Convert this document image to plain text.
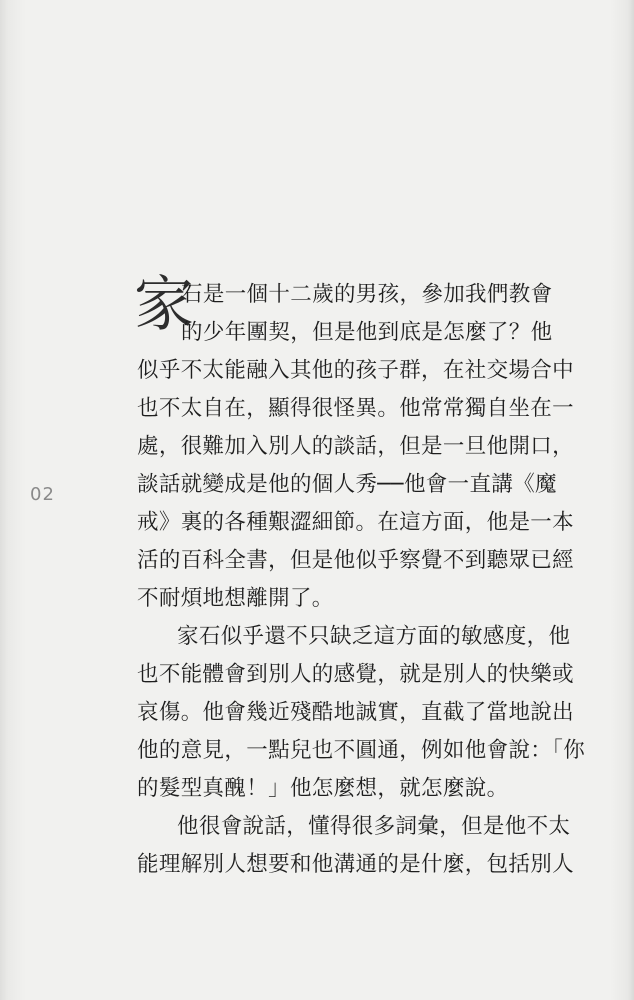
02
家
石是一個十二歲的男孩，參加我們教會
的少年團契，但是他到底是怎麼了？他
似乎不太能融入其他的孩子群，在社交場合中
也不太自在，顯得很怪異。他常常獨自坐在一
處，很難加入別人的談話，但是一旦他開口，
談話就變成是他的個人秀──他會一直講《魔
戒》裏的各種艱澀細節。在這方面，他是一本
活的百科全書，但是他似乎察覺不到聽眾已經
不耐煩地想離開了。
家石似乎還不只缺乏這方面的敏感度，他
也不能體會到別人的感覺，就是別人的快樂或
哀傷。他會幾近殘酷地誠實，直截了當地說出
他的意見，一點兒也不圓通，例如他會說：「你
的髮型真醜！」他怎麼想，就怎麼說。
他很會說話，懂得很多詞彙，但是他不太
能理解別人想要和他溝通的是什麼，包括別人
